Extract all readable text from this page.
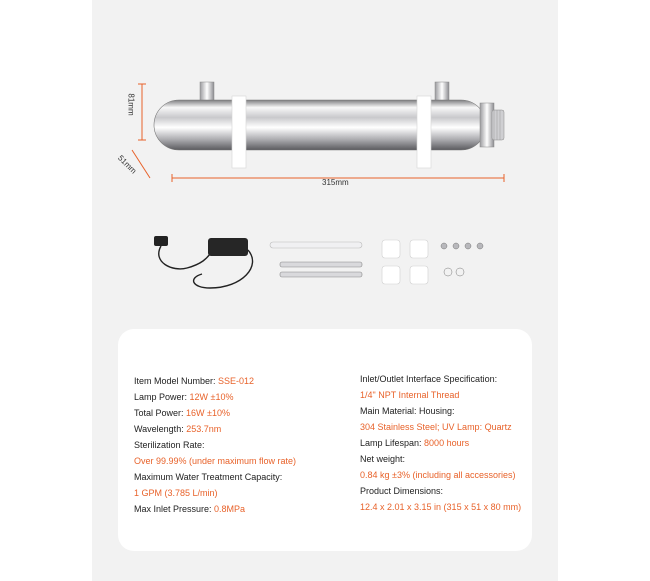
81mm
51mm
315mm
Item Model Number: SSE-012
Lamp Power: 12W ±10%
Total Power: 16W ±10%
Wavelength: 253.7nm
Sterilization Rate:
Over 99.99% (under maximum flow rate)
Maximum Water Treatment Capacity:
1 GPM (3.785 L/min)
Max Inlet Pressure: 0.8MPa
Inlet/Outlet Interface Specification:
1/4" NPT Internal Thread
Main Material: Housing:
304 Stainless Steel; UV Lamp: Quartz
Lamp Lifespan: 8000 hours
Net weight:
0.84 kg ±3% (including all accessories)
Product Dimensions:
12.4 x 2.01 x 3.15 in (315 x 51 x 80 mm)
